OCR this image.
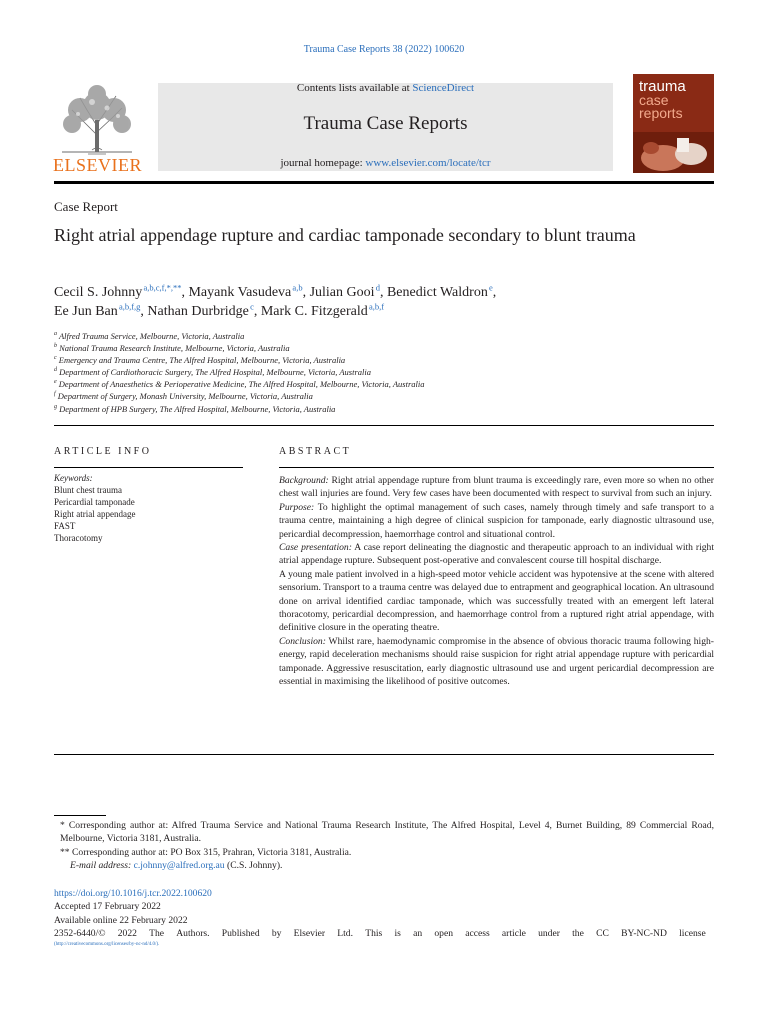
Trauma Case Reports 38 (2022) 100620
ELSEVIER
Contents lists available at ScienceDirect
Trauma Case Reports
journal homepage: www.elsevier.com/locate/tcr
trauma
case
reports
Case Report
Right atrial appendage rupture and cardiac tamponade secondary to blunt trauma
Cecil S. Johnny $^{a,b,c,f,*,**}$, Mayank Vasudeva $^{a,b}$, Julian Gooi $^d$, Benedict Waldron $^e$,
Ee Jun Ban $^{a,b,f,g}$, Nathan Durbridge $^c$, Mark C. Fitzgerald $^{a,b,f}$
$^a$ Alfred Trauma Service, Melbourne, Victoria, Australia
$^b$ National Trauma Research Institute, Melbourne, Victoria, Australia
$^c$ Emergency and Trauma Centre, The Alfred Hospital, Melbourne, Victoria, Australia
$^d$ Department of Cardiothoracic Surgery, The Alfred Hospital, Melbourne, Victoria, Australia
$^e$ Department of Anaesthetics & Perioperative Medicine, The Alfred Hospital, Melbourne, Victoria, Australia
$^f$ Department of Surgery, Monash University, Melbourne, Victoria, Australia
$^g$ Department of HPB Surgery, The Alfred Hospital, Melbourne, Victoria, Australia
ARTICLE INFO	ABSTRACT
Keywords:
Blunt chest trauma
Pericardial tamponade
Right atrial appendage
FAST
Thoracotomy

Background: Right atrial appendage rupture from blunt trauma is exceedingly rare, even more so when no other chest wall injuries are found. Very few cases have been documented with respect to survival from such an injury.

Purpose: To highlight the optimal management of such cases, namely through timely and safe transport to a trauma centre, maintaining a high degree of clinical suspicion for tamponade, early diagnostic ultrasound use, pericardial decompression, haemorrhage control and situational control.

Case presentation: A case report delineating the diagnostic and therapeutic approach to an individual with right atrial appendage rupture. Subsequent post-operative and convalescent course till hospital discharge.

A young male patient involved in a high-speed motor vehicle accident was hypotensive at the scene with altered sensorium. Transport to a trauma centre was delayed due to entrapment and geographical location. An ultrasound done on arrival identified cardiac tamponade, which was successfully treated with an emergent left lateral thoracotomy, pericardial decompression, and haemorrhage control from a ruptured right atrial appendage, with definitive closure in the operating theatre.

Conclusion: Whilst rare, haemodynamic compromise in the absence of obvious thoracic trauma following high-energy, rapid deceleration mechanisms should raise suspicion for right atrial appendage rupture with pericardial tamponade. Aggressive resuscitation, early diagnostic ultrasound use and urgent pericardial decompression are essential in maximising the likelihood of positive outcomes.

* Corresponding author at: Alfred Trauma Service and National Trauma Research Institute, The Alfred Hospital, Level 4, Burnet Building, 89 Commercial Road, Melbourne, Victoria 3181, Australia.

** Corresponding author at: PO Box 315, Prahran, Victoria 3181, Australia.

E-mail address: c.johnny@alfred.org.au (C.S. Johnny).

https://doi.org/10.1016/j.tcr.2022.100620
Accepted 17 February 2022
Available online 22 February 2022
2352-6440/© 2022 The Authors. Published by Elsevier Ltd. This is an open access article under the CC BY-NC-ND license
(http://creativecommons.org/licenses/by-nc-nd/4.0/).
